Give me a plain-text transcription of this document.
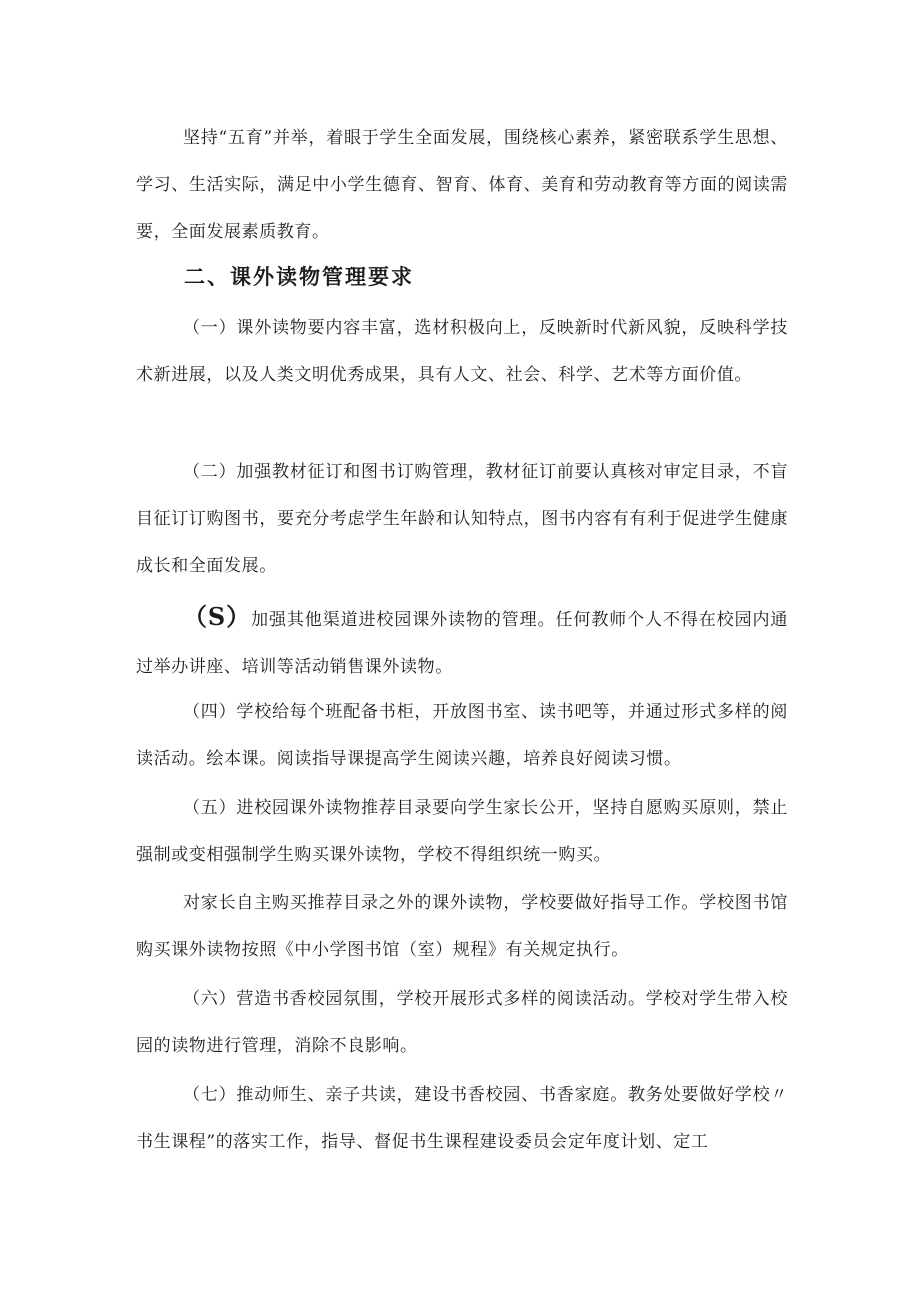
坚持“五育”并举，着眼于学生全面发展，围绕核心素养，紧密联系学生思想、学习、生活实际，满足中小学生德育、智育、体育、美育和劳动教育等方面的阅读需要，全面发展素质教育。

二、课外读物管理要求

（一）课外读物要内容丰富，选材积极向上，反映新时代新风貌，反映科学技术新进展，以及人类文明优秀成果，具有人文、社会、科学、艺术等方面价值。

（二）加强教材征订和图书订购管理，教材征订前要认真核对审定目录，不盲目征订订购图书，要充分考虑学生年龄和认知特点，图书内容有有利于促进学生健康成长和全面发展。

（S）加强其他渠道进校园课外读物的管理。任何教师个人不得在校园内通过举办讲座、培训等活动销售课外读物。

（四）学校给每个班配备书柜，开放图书室、读书吧等，并通过形式多样的阅读活动。绘本课。阅读指导课提高学生阅读兴趣，培养良好阅读习惯。

（五）进校园课外读物推荐目录要向学生家长公开，坚持自愿购买原则，禁止强制或变相强制学生购买课外读物，学校不得组织统一购买。

对家长自主购买推荐目录之外的课外读物，学校要做好指导工作。学校图书馆购买课外读物按照《中小学图书馆（室）规程》有关规定执行。

（六）营造书香校园氛围，学校开展形式多样的阅读活动。学校对学生带入校园的读物进行管理，消除不良影响。

（七）推动师生、亲子共读，建设书香校园、书香家庭。教务处要做好学校〃书生课程”的落实工作，指导、督促书生课程建设委员会定年度计划、定工
